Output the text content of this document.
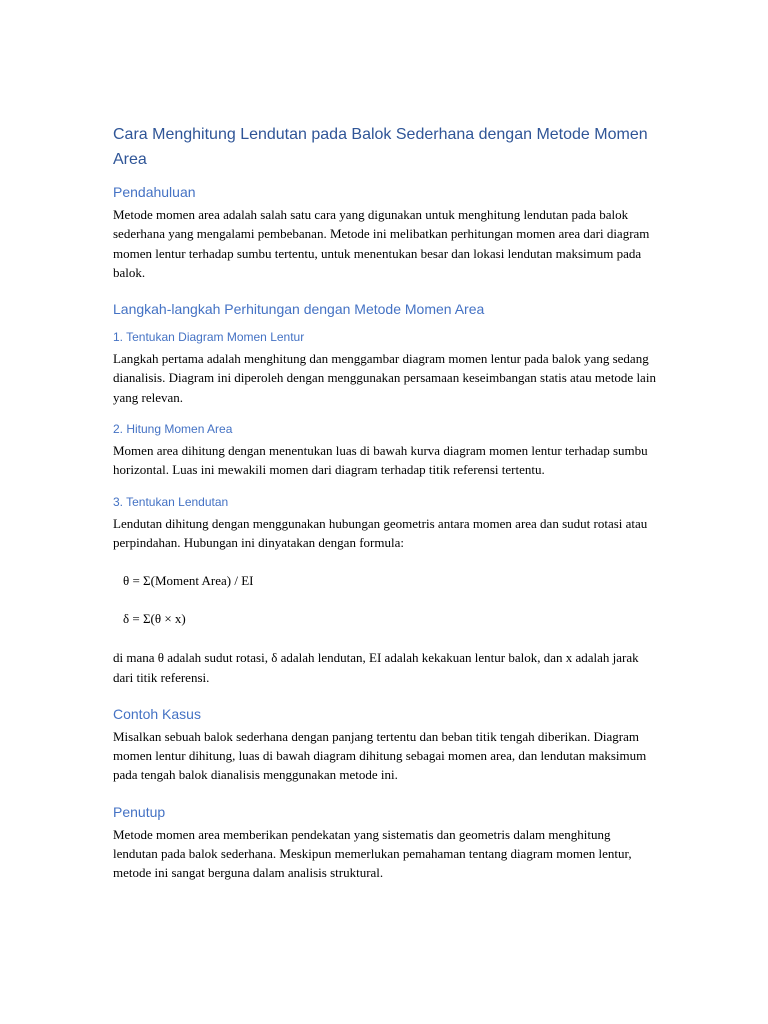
Cara Menghitung Lendutan pada Balok Sederhana dengan Metode Momen Area
Pendahuluan

Metode momen area adalah salah satu cara yang digunakan untuk menghitung lendutan pada balok sederhana yang mengalami pembebanan. Metode ini melibatkan perhitungan momen area dari diagram momen lentur terhadap sumbu tertentu, untuk menentukan besar dan lokasi lendutan maksimum pada balok.

Langkah-langkah Perhitungan dengan Metode Momen Area
1. Tentukan Diagram Momen Lentur

Langkah pertama adalah menghitung dan menggambar diagram momen lentur pada balok yang sedang dianalisis. Diagram ini diperoleh dengan menggunakan persamaan keseimbangan statis atau metode lain yang relevan.

2. Hitung Momen Area

Momen area dihitung dengan menentukan luas di bawah kurva diagram momen lentur terhadap sumbu horizontal. Luas ini mewakili momen dari diagram terhadap titik referensi tertentu.

3. Tentukan Lendutan

Lendutan dihitung dengan menggunakan hubungan geometris antara momen area dan sudut rotasi atau perpindahan. Hubungan ini dinyatakan dengan formula:

θ = Σ(Moment Area) / EI

δ = Σ(θ × x)

di mana θ adalah sudut rotasi, δ adalah lendutan, EI adalah kekakuan lentur balok, dan x adalah jarak dari titik referensi.

Contoh Kasus

Misalkan sebuah balok sederhana dengan panjang tertentu dan beban titik tengah diberikan. Diagram momen lentur dihitung, luas di bawah diagram dihitung sebagai momen area, dan lendutan maksimum pada tengah balok dianalisis menggunakan metode ini.

Penutup

Metode momen area memberikan pendekatan yang sistematis dan geometris dalam menghitung lendutan pada balok sederhana. Meskipun memerlukan pemahaman tentang diagram momen lentur, metode ini sangat berguna dalam analisis struktural.
